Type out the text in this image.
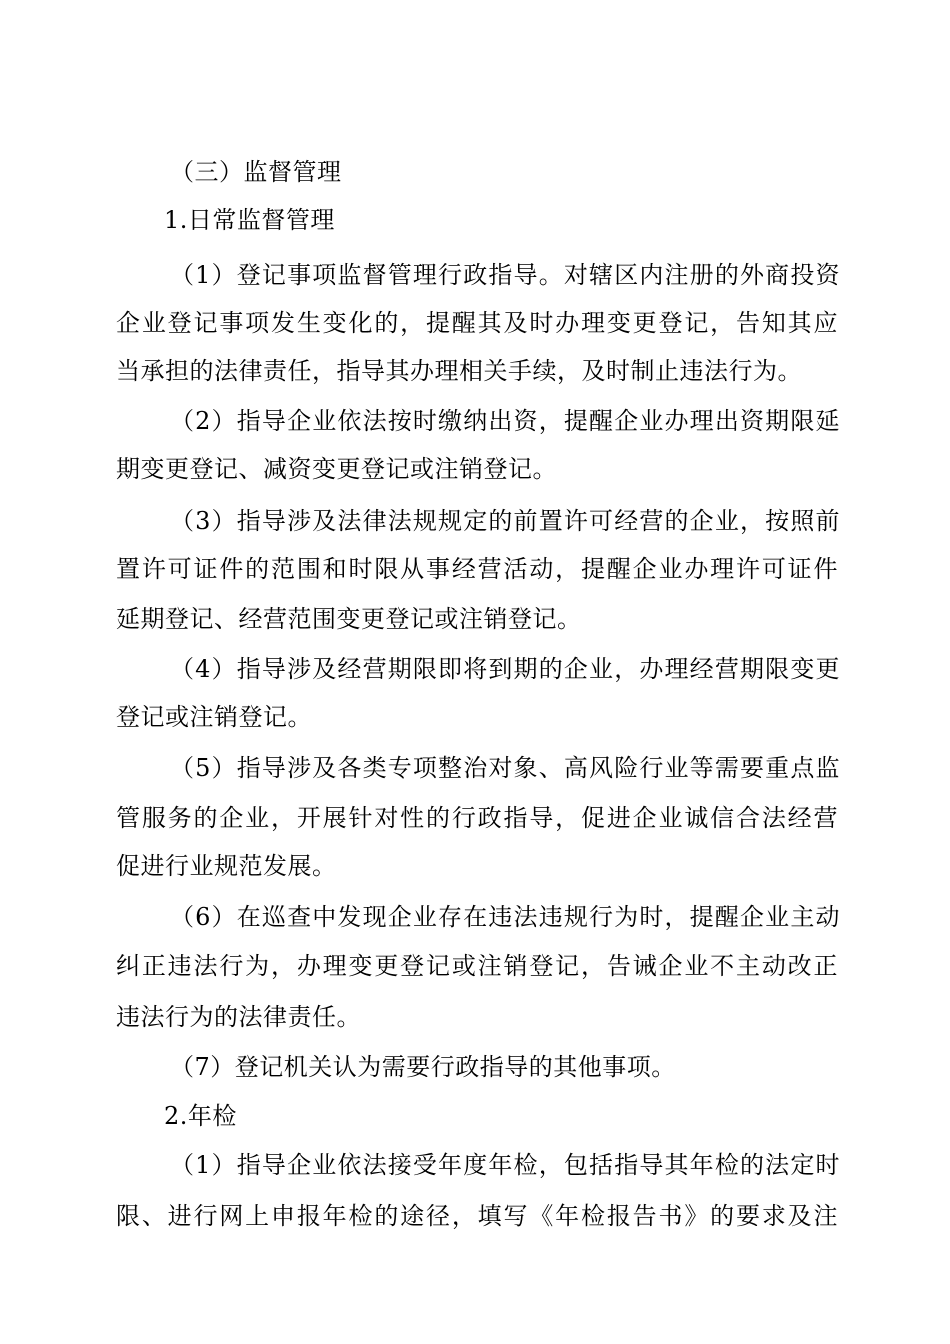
（三）监督管理
1.日常监督管理
（1）登记事项监督管理行政指导。对辖区内注册的外商投资
企业登记事项发生变化的，提醒其及时办理变更登记，告知其应
当承担的法律责任，指导其办理相关手续，及时制止违法行为。
（2）指导企业依法按时缴纳出资，提醒企业办理出资期限延
期变更登记、减资变更登记或注销登记。
（3）指导涉及法律法规规定的前置许可经营的企业，按照前
置许可证件的范围和时限从事经营活动，提醒企业办理许可证件
延期登记、经营范围变更登记或注销登记。
（4）指导涉及经营期限即将到期的企业，办理经营期限变更
登记或注销登记。
（5）指导涉及各类专项整治对象、高风险行业等需要重点监
管服务的企业，开展针对性的行政指导，促进企业诚信合法经营
促进行业规范发展。
（6）在巡查中发现企业存在违法违规行为时，提醒企业主动
纠正违法行为，办理变更登记或注销登记，告诫企业不主动改正
违法行为的法律责任。
（7）登记机关认为需要行政指导的其他事项。
2.年检
（1）指导企业依法接受年度年检，包括指导其年检的法定时
限、进行网上申报年检的途径，填写《年检报告书》的要求及注
